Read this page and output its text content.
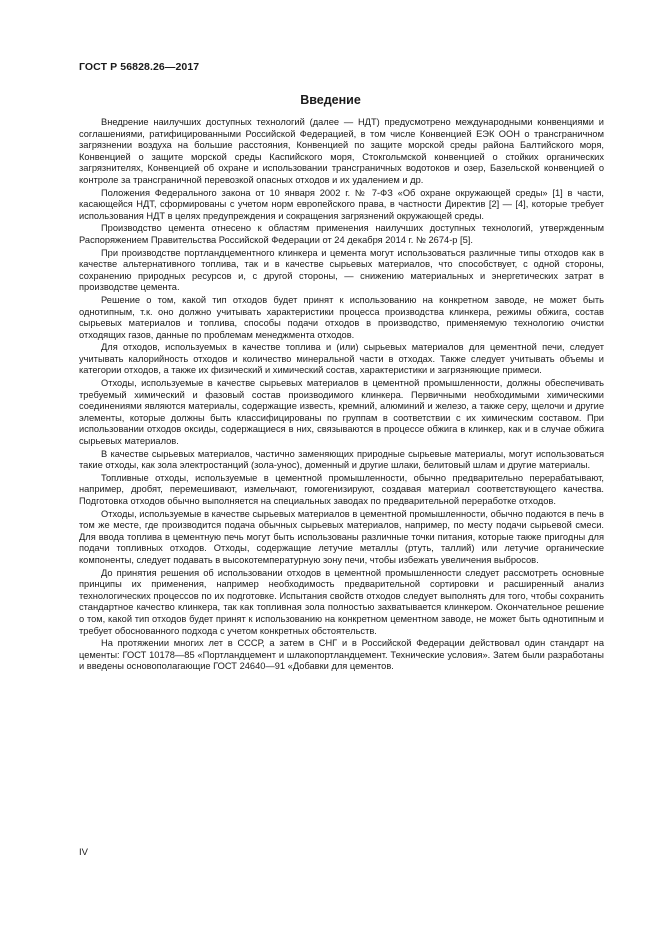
ГОСТ Р 56828.26—2017
Введение

Внедрение наилучших доступных технологий (далее — НДТ) предусмотрено международными конвенциями и соглашениями, ратифицированными Российской Федерацией, в том числе Конвенцией ЕЭК ООН о трансграничном загрязнении воздуха на большие расстояния, Конвенцией по защите морской среды района Балтийского моря, Конвенцией о защите морской среды Каспийского моря, Стокгольмской конвенцией о стойких органических загрязнителях, Конвенцией об охране и использовании трансграничных водотоков и озер, Базельской конвенцией о контроле за трансграничной перевозкой опасных отходов и их удалением и др.

Положения Федерального закона от 10 января 2002 г. № 7-ФЗ «Об охране окружающей среды» [1] в части, касающейся НДТ, сформированы с учетом норм европейского права, в частности Директив [2] — [4], которые требует использования НДТ в целях предупреждения и сокращения загрязнений окружающей среды.

Производство цемента отнесено к областям применения наилучших доступных технологий, утвержденным Распоряжением Правительства Российской Федерации от 24 декабря 2014 г. № 2674-р [5].

При производстве портландцементного клинкера и цемента могут использоваться различные типы отходов как в качестве альтернативного топлива, так и в качестве сырьевых материалов, что способствует, с одной стороны, сохранению природных ресурсов и, с другой стороны, — снижению материальных и энергетических затрат в производстве цемента.

Решение о том, какой тип отходов будет принят к использованию на конкретном заводе, не может быть однотипным, т.к. оно должно учитывать характеристики процесса производства клинкера, режимы обжига, состав сырьевых материалов и топлива, способы подачи отходов в производство, применяемую технологию очистки отходящих газов, данные по проблемам менеджмента отходов.

Для отходов, используемых в качестве топлива и (или) сырьевых материалов для цементной печи, следует учитывать калорийность отходов и количество минеральной части в отходах. Также следует учитывать объемы и категории отходов, а также их физический и химический состав, характеристики и загрязняющие примеси.

Отходы, используемые в качестве сырьевых материалов в цементной промышленности, должны обеспечивать требуемый химический и фазовый состав производимого клинкера. Первичными необходимыми химическими соединениями являются материалы, содержащие известь, кремний, алюминий и железо, а также серу, щелочи и другие элементы, которые должны быть классифицированы по группам в соответствии с их химическим составом. При использовании отходов оксиды, содержащиеся в них, связываются в процессе обжига в клинкер, как и в случае обжига сырьевых материалов.

В качестве сырьевых материалов, частично заменяющих природные сырьевые материалы, могут использоваться такие отходы, как зола электростанций (зола-унос), доменный и другие шлаки, белитовый шлам и другие материалы.

Топливные отходы, используемые в цементной промышленности, обычно предварительно перерабатывают, например, дробят, перемешивают, измельчают, гомогенизируют, создавая материал соответствующего качества. Подготовка отходов обычно выполняется на специальных заводах по предварительной переработке отходов.

Отходы, используемые в качестве сырьевых материалов в цементной промышленности, обычно подаются в печь в том же месте, где производится подача обычных сырьевых материалов, например, по месту подачи сырьевой смеси. Для ввода топлива в цементную печь могут быть использованы различные точки питания, которые также пригодны для подачи топливных отходов. Отходы, содержащие летучие металлы (ртуть, таллий) или летучие органические компоненты, следует подавать в высокотемпературную зону печи, чтобы избежать увеличения выбросов.

До принятия решения об использовании отходов в цементной промышленности следует рассмотреть основные принципы их применения, например необходимость предварительной сортировки и расширенный анализ технологических процессов по их подготовке. Испытания свойств отходов следует выполнять для того, чтобы сохранить стандартное качество клинкера, так как топливная зола полностью захватывается клинкером. Окончательное решение о том, какой тип отходов будет принят к использованию на конкретном цементном заводе, не может быть однотипным и требует обоснованного подхода с учетом конкретных обстоятельств.

На протяжении многих лет в СССР, а затем в СНГ и в Российской Федерации действовал один стандарт на цементы: ГОСТ 10178—85 «Портландцемент и шлакопортландцемент. Технические условия». Затем были разработаны и введены основополагающие ГОСТ 24640—91 «Добавки для цементов.

IV
